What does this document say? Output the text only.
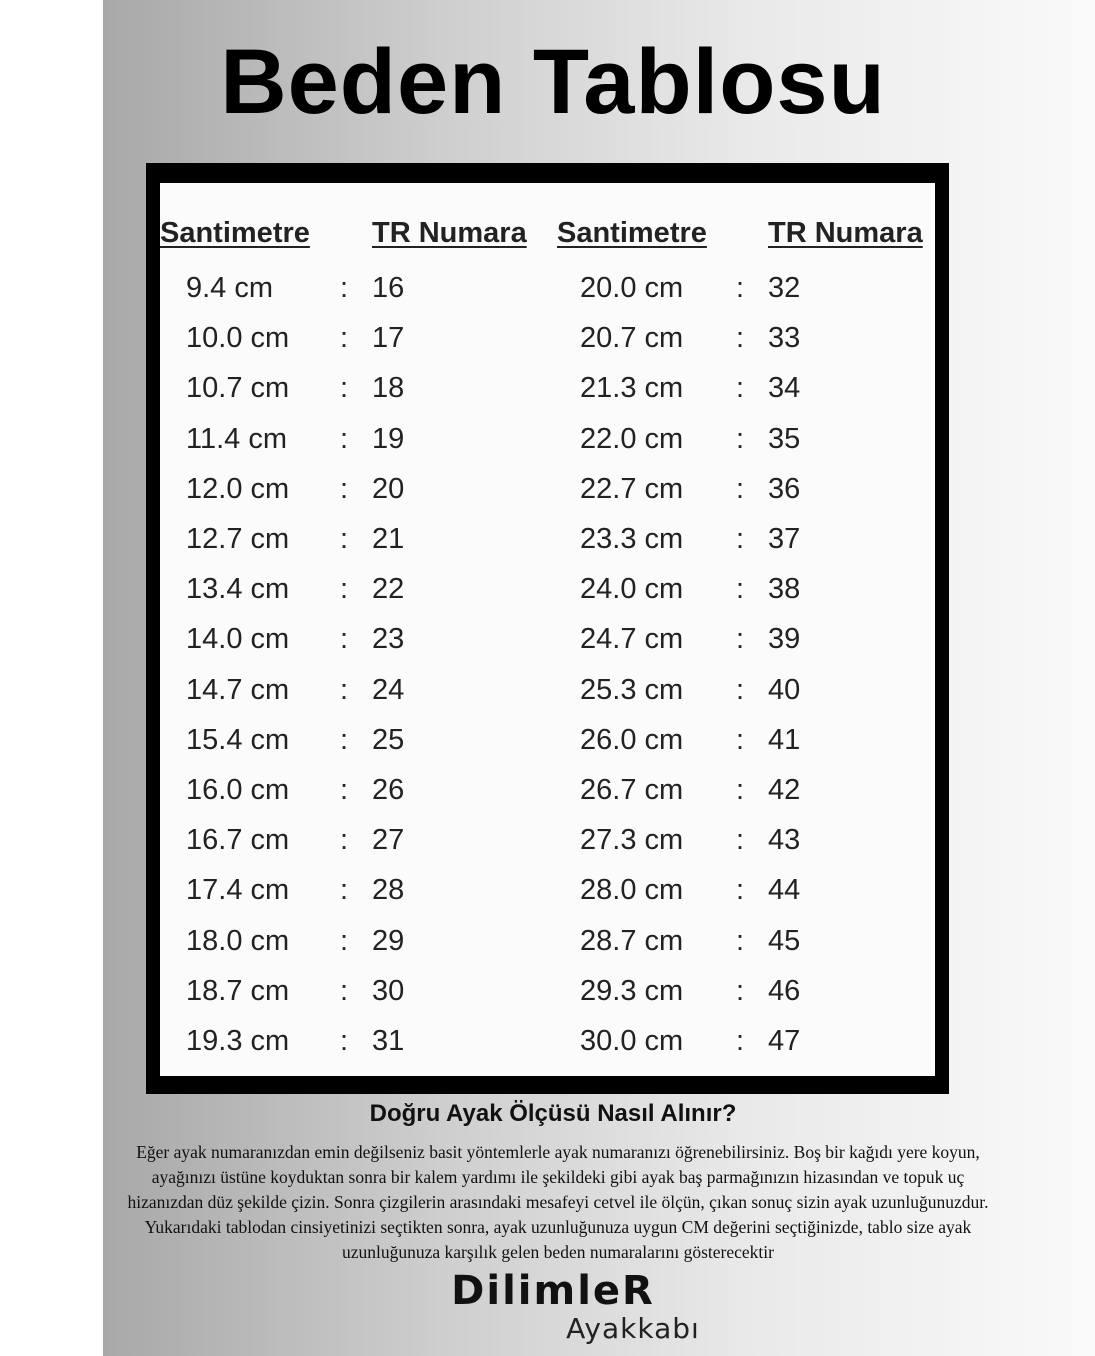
Beden Tablosu
Santimetre TR Numara Santimetre TR Numara
9.4 cm : 16
10.0 cm : 17
10.7 cm : 18
11.4 cm : 19
12.0 cm : 20
12.7 cm : 21
13.4 cm : 22
14.0 cm : 23
14.7 cm : 24
15.4 cm : 25
16.0 cm : 26
16.7 cm : 27
17.4 cm : 28
18.0 cm : 29
18.7 cm : 30
19.3 cm : 31
20.0 cm : 32
20.7 cm : 33
21.3 cm : 34
22.0 cm : 35
22.7 cm : 36
23.3 cm : 37
24.0 cm : 38
24.7 cm : 39
25.3 cm : 40
26.0 cm : 41
26.7 cm : 42
27.3 cm : 43
28.0 cm : 44
28.7 cm : 45
29.3 cm : 46
30.0 cm : 47
Doğru Ayak Ölçüsü Nasıl Alınır?
Eğer ayak numaranızdan emin değilseniz basit yöntemlerle ayak numaranızı öğrenebilirsiniz. Boş bir kağıdı yere koyun, ayağınızı üstüne koyduktan sonra bir kalem yardımı ile şekildeki gibi ayak baş parmağınızın hizasından ve topuk uç hizanızdan düz şekilde çizin. Sonra çizgilerin arasındaki mesafeyi cetvel ile ölçün, çıkan sonuç sizin ayak uzunluğunuzdur. Yukarıdaki tablodan cinsiyetinizi seçtikten sonra, ayak uzunluğunuza uygun CM değerini seçtiğinizde, tablo size ayak uzunluğunuza karşılık gelen beden numaralarını gösterecektir
DilimleR
Ayakkabı
